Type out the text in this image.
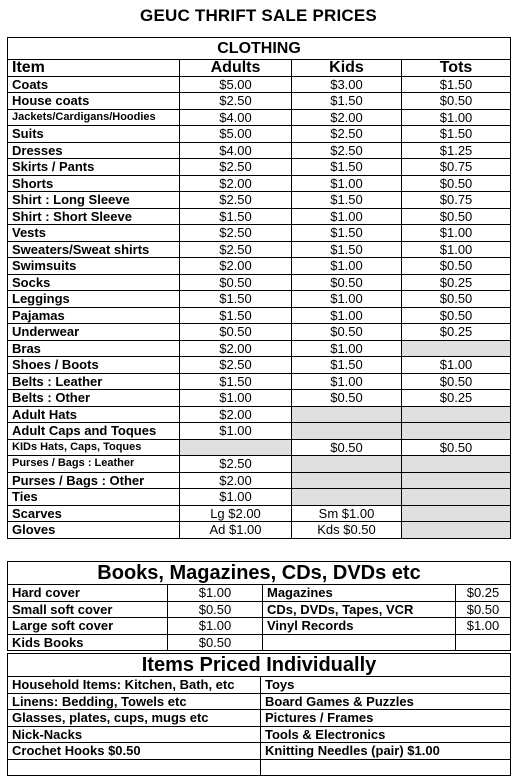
GEUC THRIFT SALE PRICES
CLOTHING			
Item	Adults	Kids	Tots
Coats	$5.00	$3.00	$1.50
House coats	$2.50	$1.50	$0.50
Jackets/Cardigans/Hoodies	$4.00	$2.00	$1.00
Suits	$5.00	$2.50	$1.50
Dresses	$4.00	$2.50	$1.25
Skirts / Pants	$2.50	$1.50	$0.75
Shorts	$2.00	$1.00	$0.50
Shirt : Long Sleeve	$2.50	$1.50	$0.75
Shirt : Short Sleeve	$1.50	$1.00	$0.50
Vests	$2.50	$1.50	$1.00
Sweaters/Sweat shirts	$2.50	$1.50	$1.00
Swimsuits	$2.00	$1.00	$0.50
Socks	$0.50	$0.50	$0.25
Leggings	$1.50	$1.00	$0.50
Pajamas	$1.50	$1.00	$0.50
Underwear	$0.50	$0.50	$0.25
Bras	$2.00	$1.00	
Shoes / Boots	$2.50	$1.50	$1.00
Belts : Leather	$1.50	$1.00	$0.50
Belts : Other	$1.00	$0.50	$0.25
Adult Hats	$2.00		
Adult Caps and Toques	$1.00		
KIDs Hats, Caps, Toques		$0.50	$0.50
Purses / Bags : Leather	$2.50		
Purses / Bags : Other	$2.00		
Ties	$1.00		
Scarves	Lg $2.00	Sm $1.00	
Gloves	Ad $1.00	Kds $0.50	
Books, Magazines, CDs, DVDs etc			
Hard cover	$1.00	Magazines	$0.25
Small soft cover	$0.50	CDs, DVDs, Tapes, VCR	$0.50
Large soft cover	$1.00	Vinyl Records	$1.00
Kids Books	$0.50		
Items Priced Individually	
Household Items: Kitchen, Bath, etc	Toys
Linens: Bedding, Towels etc	Board Games & Puzzles
Glasses, plates, cups, mugs etc	Pictures / Frames
Nick-Nacks	Tools & Electronics
Crochet Hooks $0.50	Knitting Needles (pair) $1.00
